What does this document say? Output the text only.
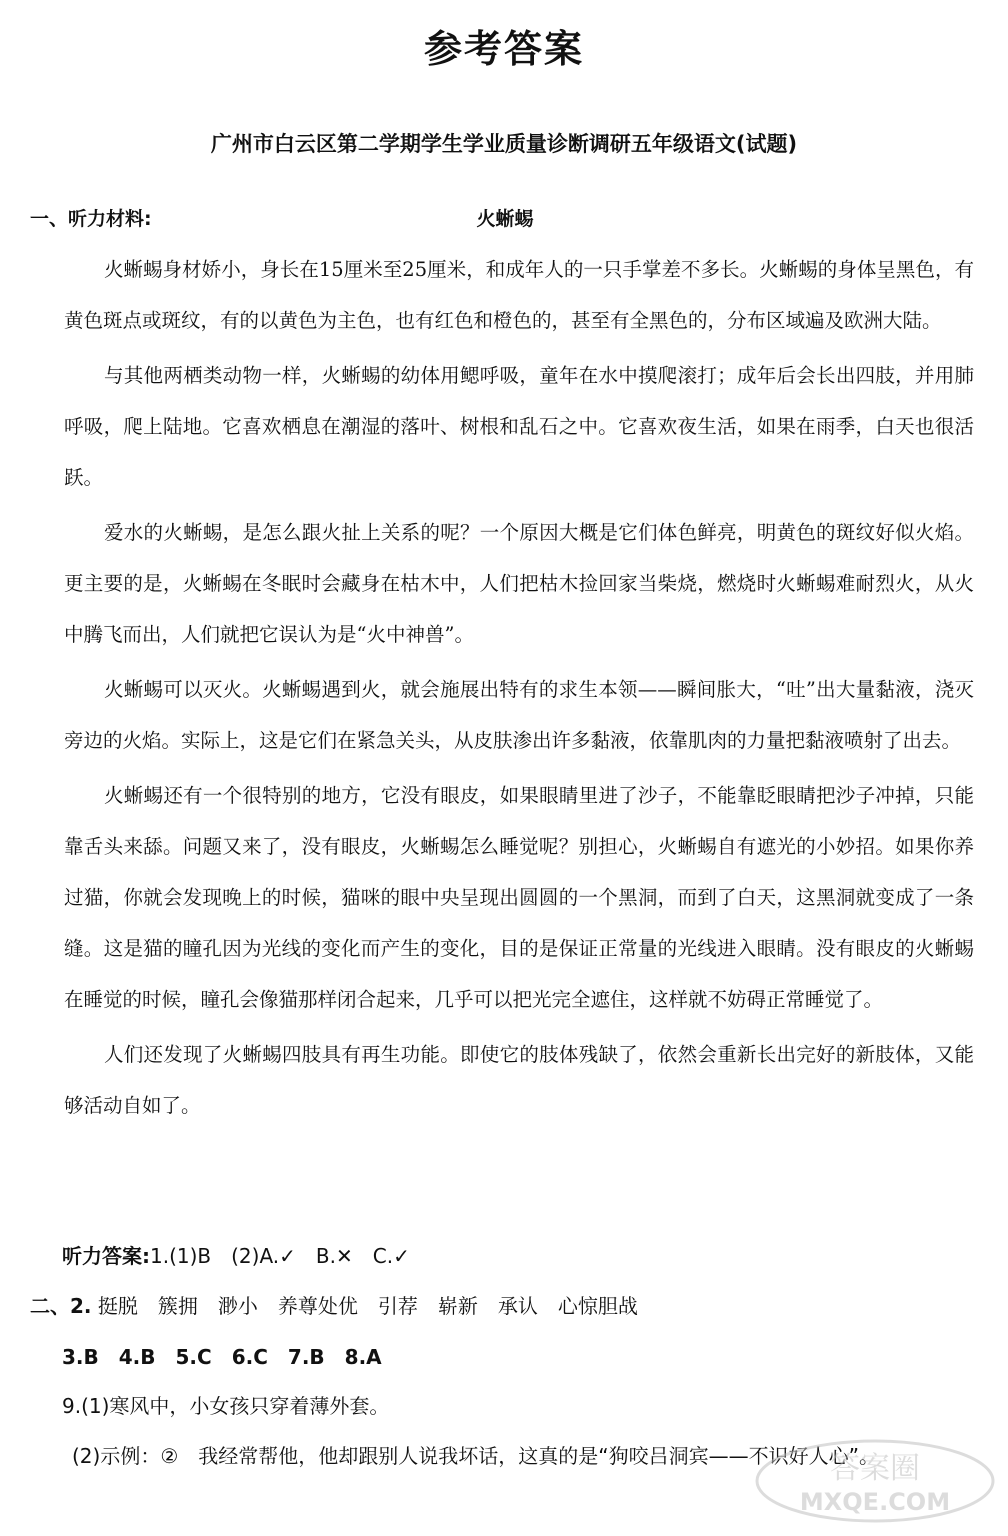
参考答案
广州市白云区第二学期学生学业质量诊断调研五年级语文(试题)
一、听力材料:	火蜥蜴

火蜥蜴身材娇小，身长在15厘米至25厘米，和成年人的一只手掌差不多长。火蜥蜴的身体呈黑色，有黄色斑点或斑纹，有的以黄色为主色，也有红色和橙色的，甚至有全黑色的，分布区域遍及欧洲大陆。

与其他两栖类动物一样，火蜥蜴的幼体用鳃呼吸，童年在水中摸爬滚打；成年后会长出四肢，并用肺呼吸，爬上陆地。它喜欢栖息在潮湿的落叶、树根和乱石之中。它喜欢夜生活，如果在雨季，白天也很活跃。

爱水的火蜥蜴，是怎么跟火扯上关系的呢？一个原因大概是它们体色鲜亮，明黄色的斑纹好似火焰。更主要的是，火蜥蜴在冬眠时会藏身在枯木中，人们把枯木捡回家当柴烧，燃烧时火蜥蜴难耐烈火，从火中腾飞而出，人们就把它误认为是“火中神兽”。

火蜥蜴可以灭火。火蜥蜴遇到火，就会施展出特有的求生本领——瞬间胀大，“吐”出大量黏液，浇灭旁边的火焰。实际上，这是它们在紧急关头，从皮肤渗出许多黏液，依靠肌肉的力量把黏液喷射了出去。

火蜥蜴还有一个很特别的地方，它没有眼皮，如果眼睛里进了沙子，不能靠眨眼睛把沙子冲掉，只能靠舌头来舔。问题又来了，没有眼皮，火蜥蜴怎么睡觉呢？别担心，火蜥蜴自有遮光的小妙招。如果你养过猫，你就会发现晚上的时候，猫咪的眼中央呈现出圆圆的一个黑洞，而到了白天，这黑洞就变成了一条缝。这是猫的瞳孔因为光线的变化而产生的变化，目的是保证正常量的光线进入眼睛。没有眼皮的火蜥蜴在睡觉的时候，瞳孔会像猫那样闭合起来，几乎可以把光完全遮住，这样就不妨碍正常睡觉了。

人们还发现了火蜥蜴四肢具有再生功能。即使它的肢体残缺了，依然会重新长出完好的新肢体，又能够活动自如了。

听力答案:1.(1)B　(2)A.✓　B.✕　C.✓
二、2. 挺脱　簇拥　渺小　养尊处优　引荐　崭新　承认　心惊胆战
3.B　4.B　5.C　6.C　7.B　8.A
9.(1)寒风中，小女孩只穿着薄外套。
(2)示例：②　我经常帮他，他却跟别人说我坏话，这真的是“狗咬吕洞宾——不识好人心”。
答案圈
MXQE.COM
